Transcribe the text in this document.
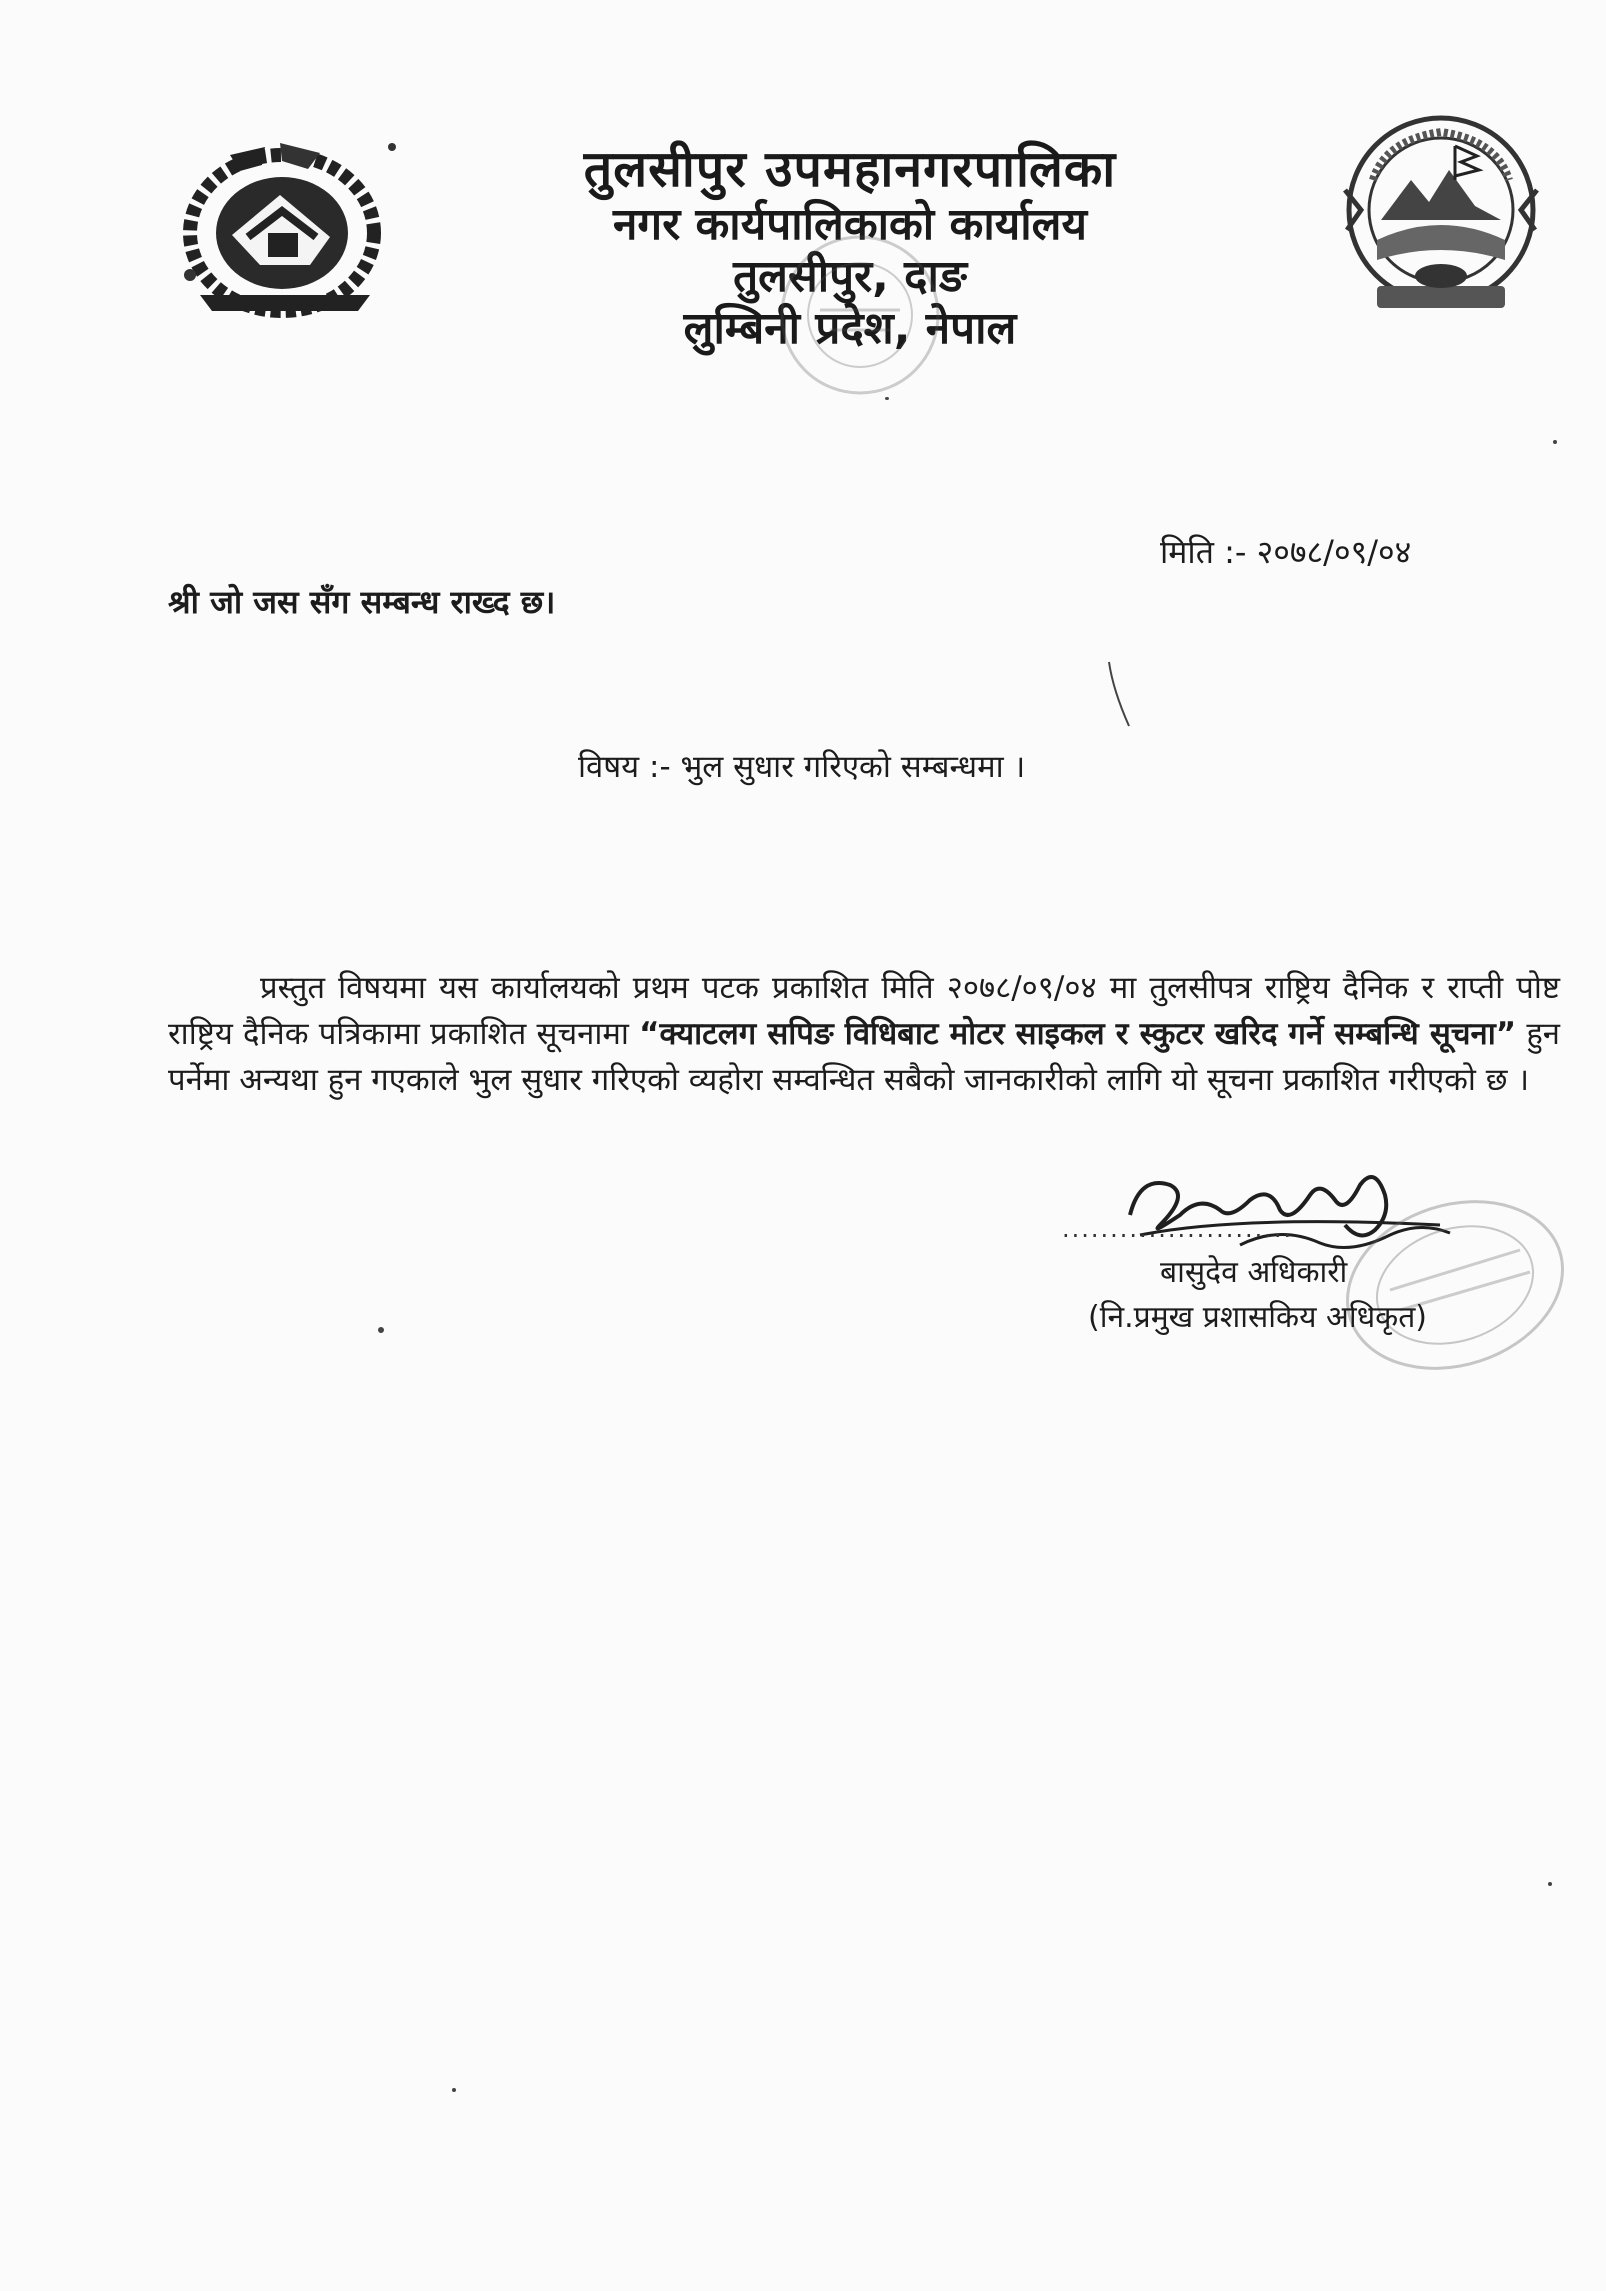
तुलसीपुर उपमहानगरपालिका
नगर कार्यपालिकाको कार्यालय
तुलसीपुर, दाङ
लुम्बिनी प्रदेश, नेपाल
मिति :- २०७८/०९/०४
श्री जो जस सँग सम्बन्ध राख्द छ।
विषय :- भुल सुधार गरिएको सम्बन्धमा ।
प्रस्तुत विषयमा यस कार्यालयको प्रथम पटक प्रकाशित मिति २०७८/०९/०४ मा तुलसीपत्र राष्ट्रिय दैनिक र राप्ती पोष्ट राष्ट्रिय दैनिक पत्रिकामा प्रकाशित सूचनामा “क्याटलग सपिङ विधिबाट मोटर साइकल र स्कुटर खरिद गर्ने सम्बन्धि सूचना” हुन पर्नेमा अन्यथा हुन गएकाले भुल सुधार गरिएको व्यहोरा सम्वन्धित सबैको जानकारीको लागि यो सूचना प्रकाशित गरीएको छ ।
........................
बासुदेव अधिकारी
(नि.प्रमुख प्रशासकिय अधिकृत)
